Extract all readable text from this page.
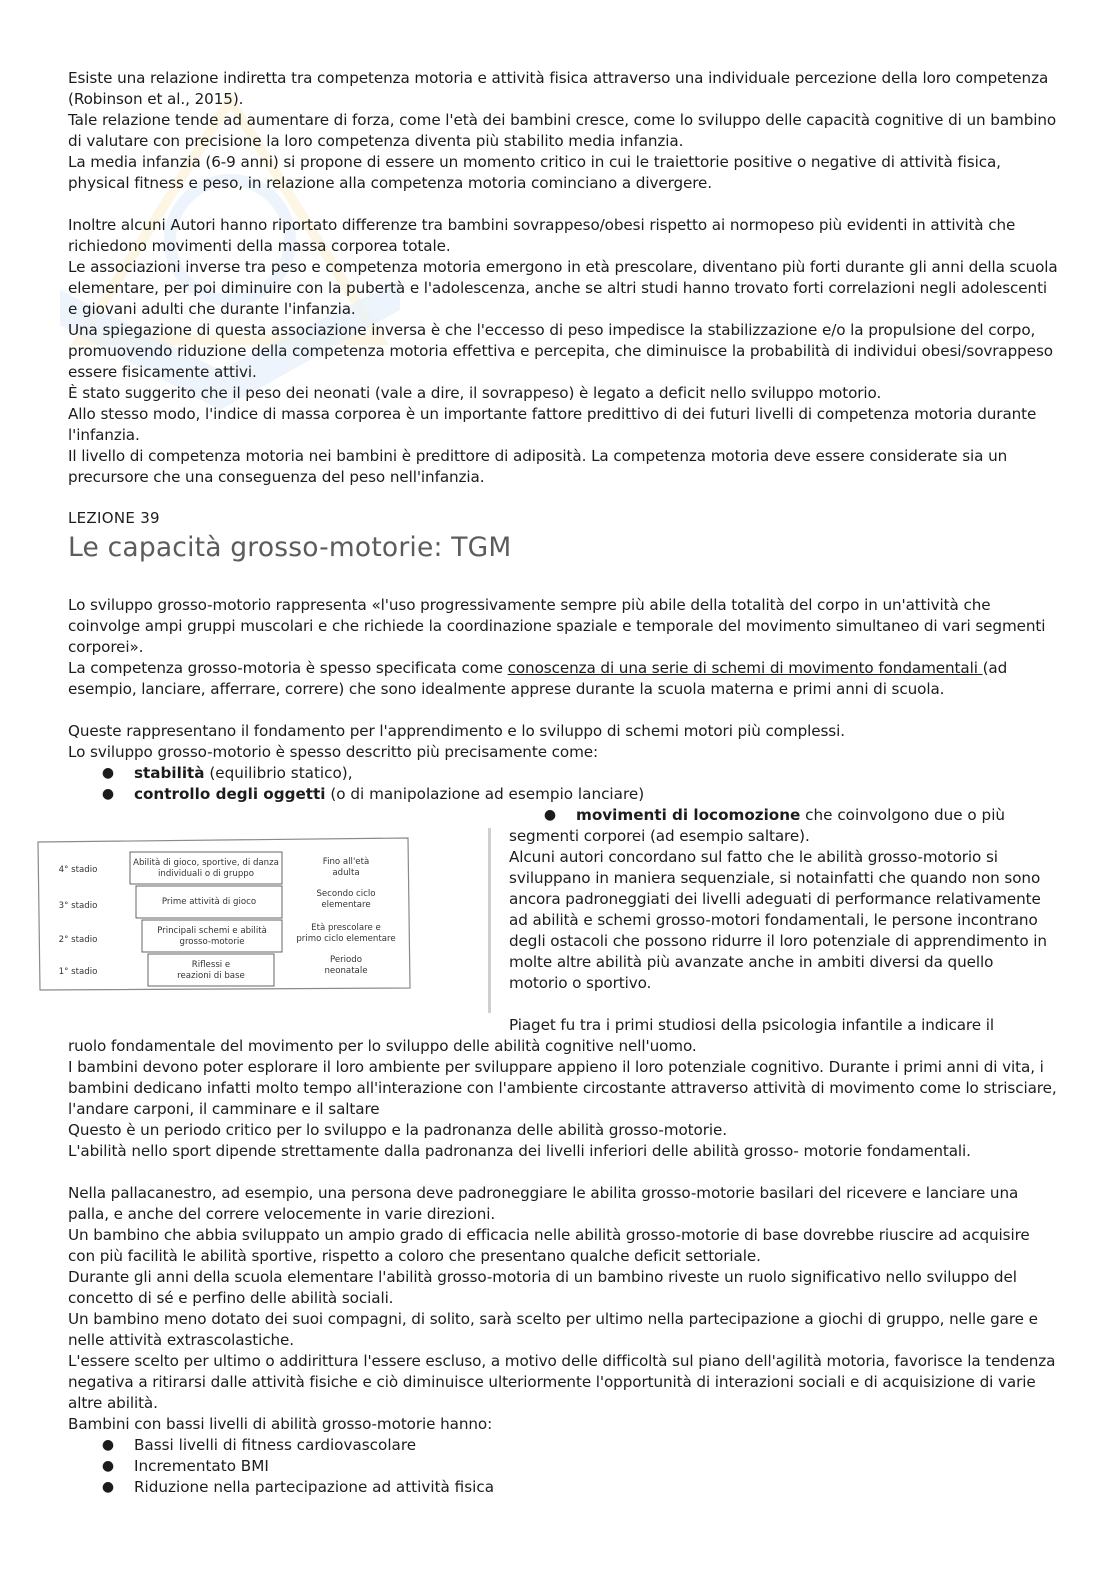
Esiste una relazione indiretta tra competenza motoria e attività fisica attraverso una individuale percezione della loro competenza (Robinson et al., 2015).

Tale relazione tende ad aumentare di forza, come l'età dei bambini cresce, come lo sviluppo delle capacità cognitive di un bambino di valutare con precisione la loro competenza diventa più stabilito media infanzia.

La media infanzia (6-9 anni) si propone di essere un momento critico in cui le traiettorie positive o negative di attività fisica, physical fitness e peso, in relazione alla competenza motoria cominciano a divergere.

Inoltre alcuni Autori hanno riportato differenze tra bambini sovrappeso/obesi rispetto ai normopeso più evidenti in attività che richiedono movimenti della massa corporea totale.

Le associazioni inverse tra peso e competenza motoria emergono in età prescolare, diventano più forti durante gli anni della scuola elementare, per poi diminuire con la pubertà e l'adolescenza, anche se altri studi hanno trovato forti correlazioni negli adolescenti e giovani adulti che durante l'infanzia.

Una spiegazione di questa associazione inversa è che l'eccesso di peso impedisce la stabilizzazione e/o la propulsione del corpo, promuovendo riduzione della competenza motoria effettiva e percepita, che diminuisce la probabilità di individui obesi/sovrappeso essere fisicamente attivi.

È stato suggerito che il peso dei neonati (vale a dire, il sovrappeso) è legato a deficit nello sviluppo motorio.

Allo stesso modo, l'indice di massa corporea è un importante fattore predittivo di dei futuri livelli di competenza motoria durante l'infanzia.

Il livello di competenza motoria nei bambini è predittore di adiposità. La competenza motoria deve essere considerate sia un precursore che una conseguenza del peso nell'infanzia.

LEZIONE 39
Le capacità grosso-motorie: TGM

Lo sviluppo grosso-motorio rappresenta «l'uso progressivamente sempre più abile della totalità del corpo in un'attività che coinvolge ampi gruppi muscolari e che richiede la coordinazione spaziale e temporale del movimento simultaneo di vari segmenti corporei».

La competenza grosso-motoria è spesso specificata come conoscenza di una serie di schemi di movimento fondamentali (ad esempio, lanciare, afferrare, correre) che sono idealmente apprese durante la scuola materna e primi anni di scuola.

Queste rappresentano il fondamento per l'apprendimento e lo sviluppo di schemi motori più complessi.

Lo sviluppo grosso-motorio è spesso descritto più precisamente come:

● stabilità (equilibrio statico),
● controllo degli oggetti (o di manipolazione ad esempio lanciare)
● movimenti di locomozione che coinvolgono due o più
4° stadio
Abilità di gioco, sportive, di danza
individuali o di gruppo
Fino all'età
adulta
3° stadio	Prime attività di gioco
Secondo ciclo
elementare
2° stadio
Principali schemi e abilità
grosso-motorie
Età prescolare e
primo ciclo elementare
1° stadio
Riflessi e
reazioni di base
Periodo
neonatale

segmenti corporei (ad esempio saltare).

Alcuni autori concordano sul fatto che le abilità grosso-motorio si sviluppano in maniera sequenziale, si notainfatti che quando non sono ancora padroneggiati dei livelli adeguati di performance relativamente ad abilità e schemi grosso-motori fondamentali, le persone incontrano degli ostacoli che possono ridurre il loro potenziale di apprendimento in molte altre abilità più avanzate anche in ambiti diversi da quello motorio o sportivo.

Piaget fu tra i primi studiosi della psicologia infantile a indicare il

ruolo fondamentale del movimento per lo sviluppo delle abilità cognitive nell'uomo.

I bambini devono poter esplorare il loro ambiente per sviluppare appieno il loro potenziale cognitivo. Durante i primi anni di vita, i bambini dedicano infatti molto tempo all'interazione con l'ambiente circostante attraverso attività di movimento come lo strisciare, l'andare carponi, il camminare e il saltare

Questo è un periodo critico per lo sviluppo e la padronanza delle abilità grosso-motorie.

L'abilità nello sport dipende strettamente dalla padronanza dei livelli inferiori delle abilità grosso- motorie fondamentali.

Nella pallacanestro, ad esempio, una persona deve padroneggiare le abilita grosso-motorie basilari del ricevere e lanciare una palla, e anche del correre velocemente in varie direzioni.

Un bambino che abbia sviluppato un ampio grado di efficacia nelle abilità grosso-motorie di base dovrebbe riuscire ad acquisire con più facilità le abilità sportive, rispetto a coloro che presentano qualche deficit settoriale.

Durante gli anni della scuola elementare l'abilità grosso-motoria di un bambino riveste un ruolo significativo nello sviluppo del concetto di sé e perfino delle abilità sociali.

Un bambino meno dotato dei suoi compagni, di solito, sarà scelto per ultimo nella partecipazione a giochi di gruppo, nelle gare e nelle attività extrascolastiche.

L'essere scelto per ultimo o addirittura l'essere escluso, a motivo delle difficoltà sul piano dell'agilità motoria, favorisce la tendenza negativa a ritirarsi dalle attività fisiche e ciò diminuisce ulteriormente l'opportunità di interazioni sociali e di acquisizione di varie altre abilità.

Bambini con bassi livelli di abilità grosso-motorie hanno:

● Bassi livelli di fitness cardiovascolare
● Incrementato BMI
● Riduzione nella partecipazione ad attività fisica
